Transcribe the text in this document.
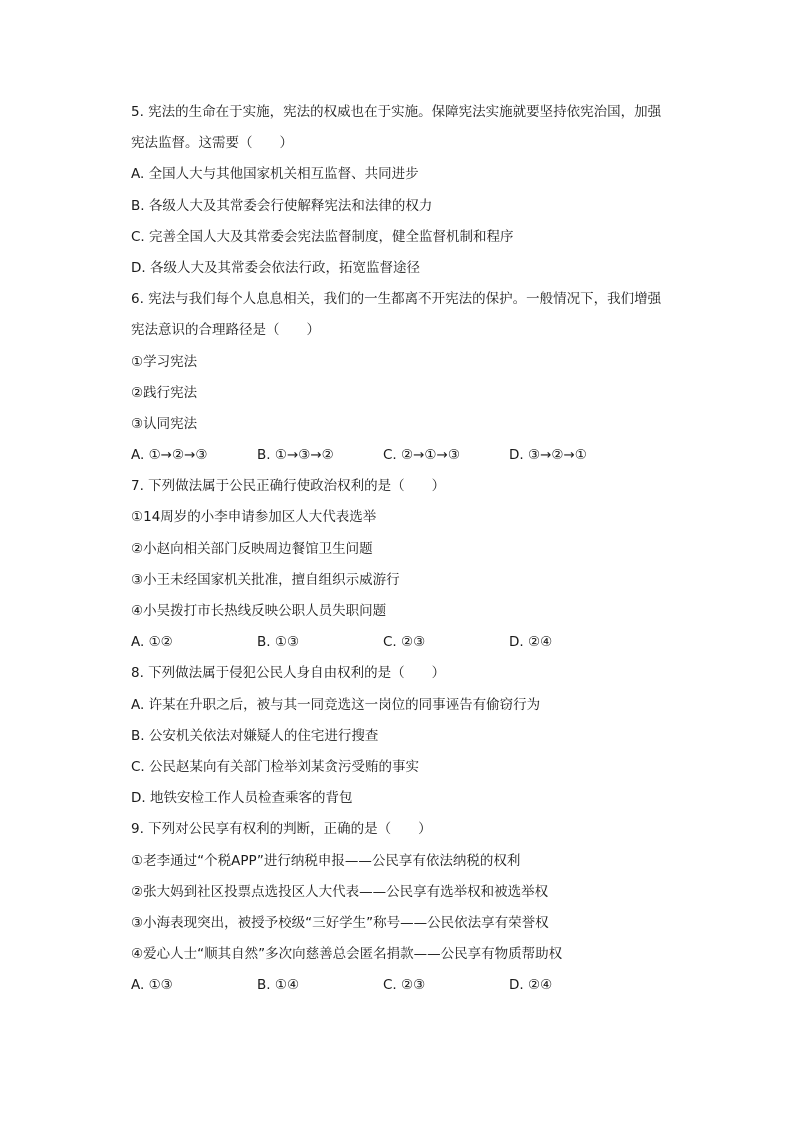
5. 宪法的生命在于实施，宪法的权威也在于实施。保障宪法实施就要坚持依宪治国，加强
宪法监督。这需要（　　）
A. 全国人大与其他国家机关相互监督、共同进步
B. 各级人大及其常委会行使解释宪法和法律的权力
C. 完善全国人大及其常委会宪法监督制度，健全监督机制和程序
D. 各级人大及其常委会依法行政，拓宽监督途径
6. 宪法与我们每个人息息相关，我们的一生都离不开宪法的保护。一般情况下，我们增强
宪法意识的合理路径是（　　）
①学习宪法
②践行宪法
③认同宪法
A. ①→②→③	B. ①→③→②	C. ②→①→③	D. ③→②→①
7. 下列做法属于公民正确行使政治权利的是（　　）
①14周岁的小李申请参加区人大代表选举
②小赵向相关部门反映周边餐馆卫生问题
③小王未经国家机关批准，擅自组织示威游行
④小吴拨打市长热线反映公职人员失职问题
A. ①②	B. ①③	C. ②③	D. ②④
8. 下列做法属于侵犯公民人身自由权利的是（　　）
A. 许某在升职之后，被与其一同竞选这一岗位的同事诬告有偷窃行为
B. 公安机关依法对嫌疑人的住宅进行搜查
C. 公民赵某向有关部门检举刘某贪污受贿的事实
D. 地铁安检工作人员检查乘客的背包
9. 下列对公民享有权利的判断，正确的是（　　）
①老李通过“个税APP”进行纳税申报——公民享有依法纳税的权利
②张大妈到社区投票点选投区人大代表——公民享有选举权和被选举权
③小海表现突出，被授予校级“三好学生”称号——公民依法享有荣誉权
④爱心人士“顺其自然”多次向慈善总会匿名捐款——公民享有物质帮助权
A. ①③	B. ①④	C. ②③	D. ②④
